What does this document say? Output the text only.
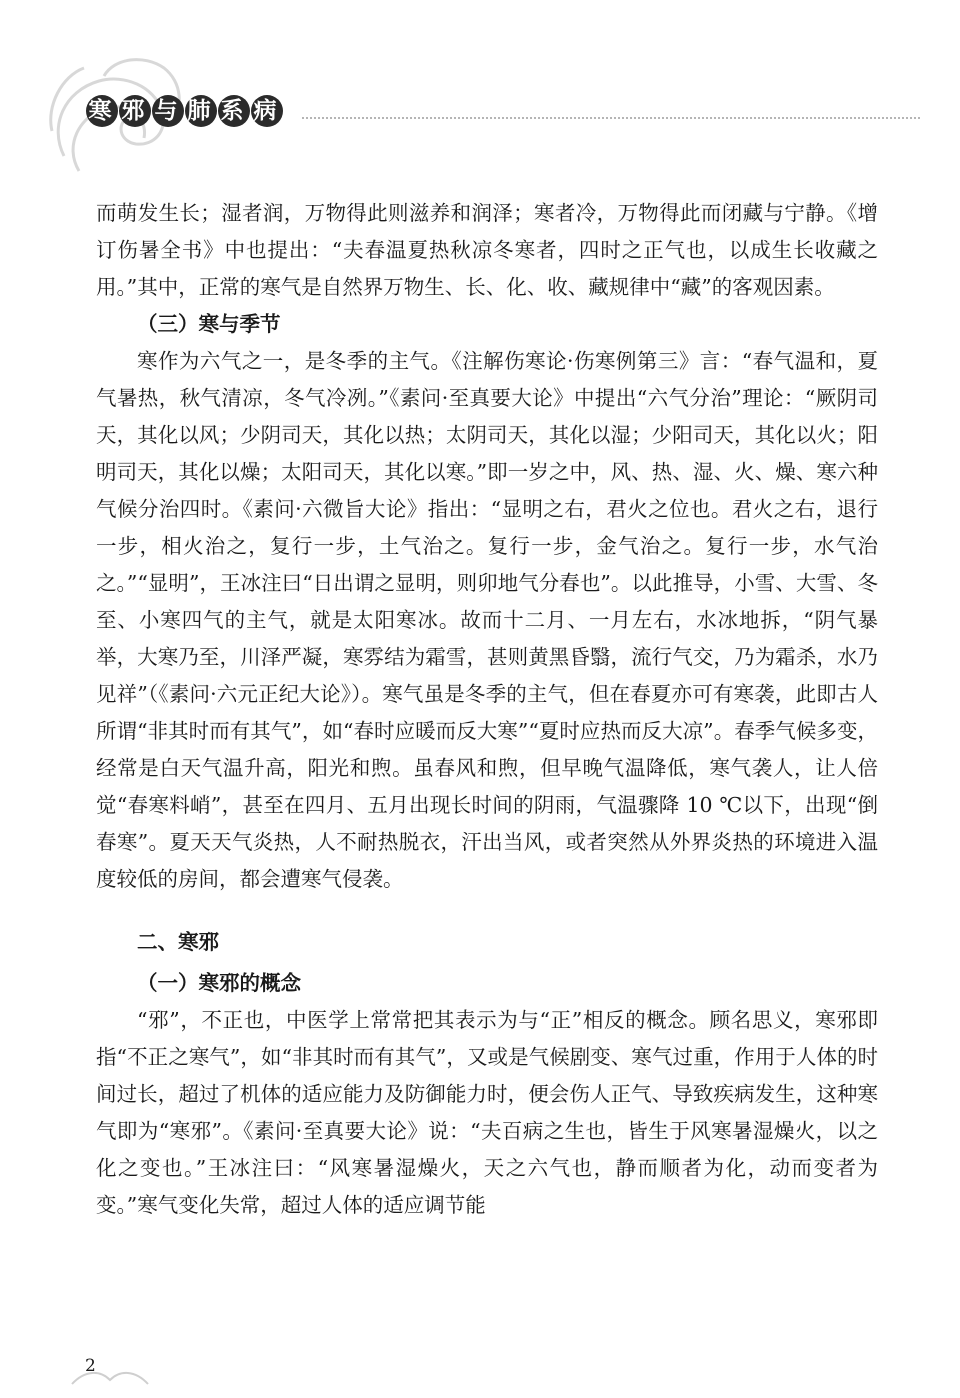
寒 邪 与 肺 系 病

而萌发生长；湿者润，万物得此则滋养和润泽；寒者冷，万物得此而闭藏与宁静。《增订伤暑全书》中也提出：“夫春温夏热秋凉冬寒者，四时之正气也，以成生长收藏之用。”其中，正常的寒气是自然界万物生、长、化、收、藏规律中“藏”的客观因素。

（三）寒与季节

寒作为六气之一，是冬季的主气。《注解伤寒论·伤寒例第三》言：“春气温和，夏气暑热，秋气清凉，冬气冷冽。”《素问·至真要大论》中提出“六气分治”理论：“厥阴司天，其化以风；少阴司天，其化以热；太阴司天，其化以湿；少阳司天，其化以火；阳明司天，其化以燥；太阳司天，其化以寒。”即一岁之中，风、热、湿、火、燥、寒六种气候分治四时。《素问·六微旨大论》指出：“显明之右，君火之位也。君火之右，退行一步，相火治之，复行一步，土气治之。复行一步，金气治之。复行一步，水气治之。”“显明”，王冰注曰“日出谓之显明，则卯地气分春也”。以此推导，小雪、大雪、冬至、小寒四气的主气，就是太阳寒冰。故而十二月、一月左右，水冰地拆，“阴气暴举，大寒乃至，川泽严凝，寒雰结为霜雪，甚则黄黑昏翳，流行气交，乃为霜杀，水乃见祥”（《素问·六元正纪大论》）。寒气虽是冬季的主气，但在春夏亦可有寒袭，此即古人所谓“非其时而有其气”，如“春时应暖而反大寒”“夏时应热而反大凉”。春季气候多变，经常是白天气温升高，阳光和煦。虽春风和煦，但早晚气温降低，寒气袭人，让人倍觉“春寒料峭”，甚至在四月、五月出现长时间的阴雨，气温骤降 10 ℃以下，出现“倒春寒”。夏天天气炎热，人不耐热脱衣，汗出当风，或者突然从外界炎热的环境进入温度较低的房间，都会遭寒气侵袭。

二、寒邪

（一）寒邪的概念

“邪”，不正也，中医学上常常把其表示为与“正”相反的概念。顾名思义，寒邪即指“不正之寒气”，如“非其时而有其气”，又或是气候剧变、寒气过重，作用于人体的时间过长，超过了机体的适应能力及防御能力时，便会伤人正气、导致疾病发生，这种寒气即为“寒邪”。《素问·至真要大论》说：“夫百病之生也，皆生于风寒暑湿燥火，以之化之变也。”王冰注曰：“风寒暑湿燥火，天之六气也，静而顺者为化，动而变者为变。”寒气变化失常，超过人体的适应调节能

2
